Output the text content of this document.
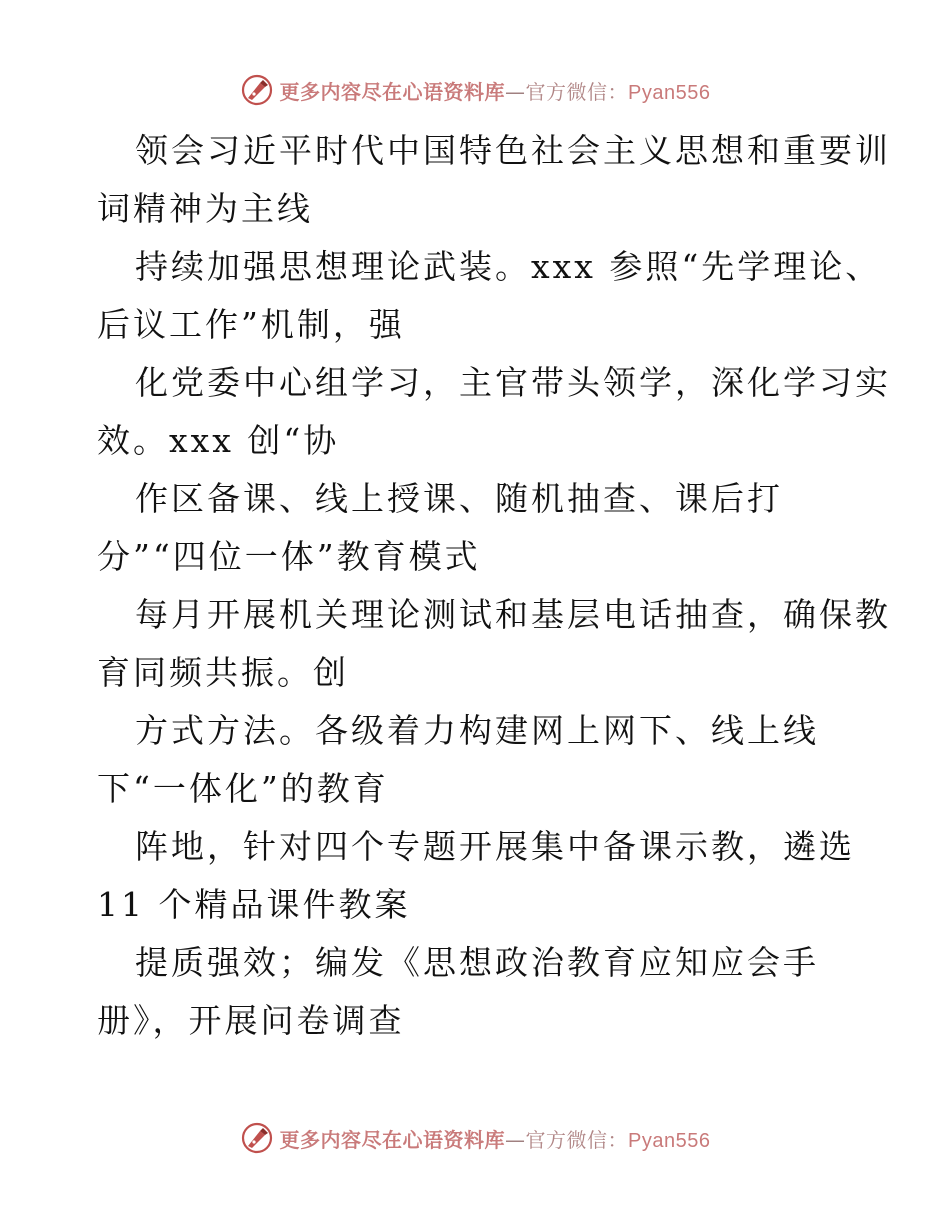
更多内容尽在心语资料库 — 官方微信： Pyan556
领会习近平时代中国特色社会主义思想和重要训
词精神为主线
持续加强思想理论武装。xxx 参照“先学理论、
后议工作”机制，强
化党委中心组学习，主官带头领学，深化学习实
效。xxx 创“协
作区备课、线上授课、随机抽查、课后打
分”“四位一体”教育模式
每月开展机关理论测试和基层电话抽查，确保教
育同频共振。创
方式方法。各级着力构建网上网下、线上线
下“一体化”的教育
阵地，针对四个专题开展集中备课示教，遴选
11 个精品课件教案
提质强效；编发《思想政治教育应知应会手
册》，开展问卷调查
更多内容尽在心语资料库 — 官方微信： Pyan556
